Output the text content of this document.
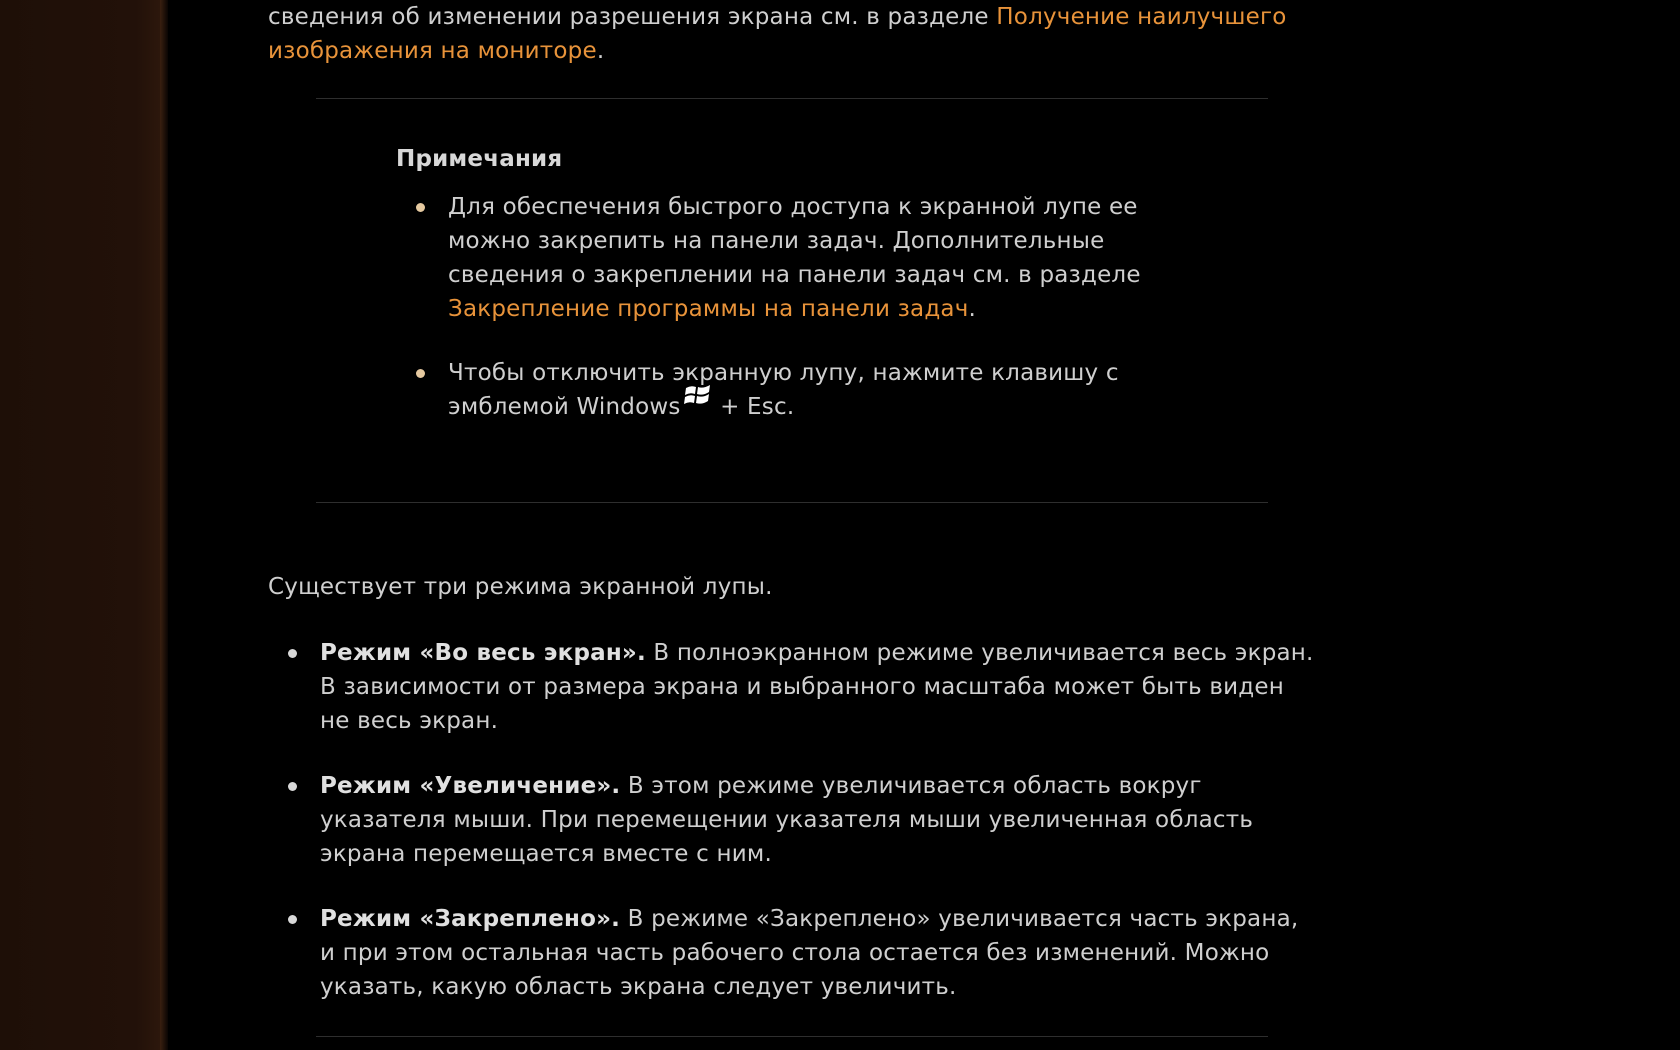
сведения об изменении разрешения экрана см. в разделе Получение наилучшего изображения на мониторе.
Примечания
Для обеспечения быстрого доступа к экранной лупе ее можно закрепить на панели задач. Дополнительные сведения о закреплении на панели задач см. в разделе Закрепление программы на панели задач.
Чтобы отключить экранную лупу, нажмите клавишу с эмблемой Windows + Esc.
Существует три режима экранной лупы.
Режим «Во весь экран». В полноэкранном режиме увеличивается весь экран. В зависимости от размера экрана и выбранного масштаба может быть виден не весь экран.
Режим «Увеличение». В этом режиме увеличивается область вокруг указателя мыши. При перемещении указателя мыши увеличенная область экрана перемещается вместе с ним.
Режим «Закреплено». В режиме «Закреплено» увеличивается часть экрана, и при этом остальная часть рабочего стола остается без изменений. Можно указать, какую область экрана следует увеличить.
